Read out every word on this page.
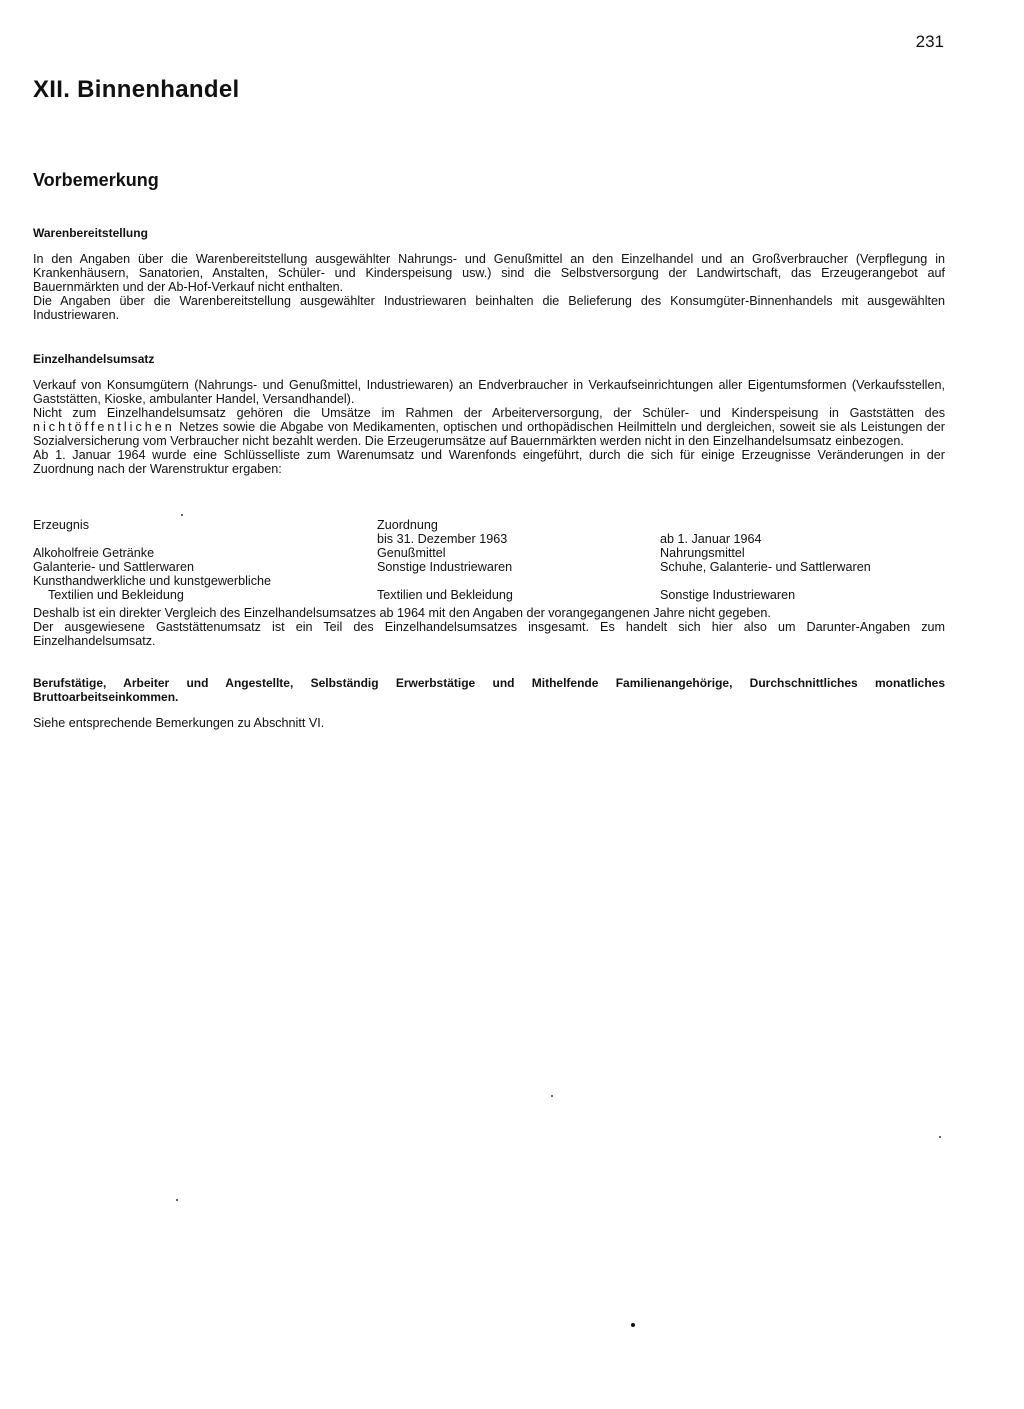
231
XII. Binnenhandel
Vorbemerkung
Warenbereitstellung

In den Angaben über die Warenbereitstellung ausgewählter Nahrungs- und Genußmittel an den Einzelhandel und an Großverbraucher (Verpflegung in Krankenhäusern, Sanatorien, Anstalten, Schüler- und Kinderspeisung usw.) sind die Selbstversorgung der Landwirtschaft, das Erzeugerangebot auf Bauernmärkten und der Ab-Hof-Verkauf nicht enthalten.

Die Angaben über die Warenbereitstellung ausgewählter Industriewaren beinhalten die Belieferung des Konsumgüter-Binnenhandels mit ausgewählten Industriewaren.

Einzelhandelsumsatz

Verkauf von Konsumgütern (Nahrungs- und Genußmittel, Industriewaren) an Endverbraucher in Verkaufseinrichtungen aller Eigentumsformen (Verkaufsstellen, Gaststätten, Kioske, ambulanter Handel, Versandhandel).

Nicht zum Einzelhandelsumsatz gehören die Umsätze im Rahmen der Arbeiterversorgung, der Schüler- und Kinderspeisung in Gaststätten des nichtöffentlichen Netzes sowie die Abgabe von Medikamenten, optischen und orthopädischen Heilmitteln und dergleichen, soweit sie als Leistungen der Sozialversicherung vom Verbraucher nicht bezahlt werden. Die Erzeugerumsätze auf Bauernmärkten werden nicht in den Einzelhandelsumsatz einbezogen.

Ab 1. Januar 1964 wurde eine Schlüsselliste zum Warenumsatz und Warenfonds eingeführt, durch die sich für einige Erzeugnisse Veränderungen in der Zuordnung nach der Warenstruktur ergaben:

Erzeugnis	Zuordnung	
	bis 31. Dezember 1963	ab 1. Januar 1964
Alkoholfreie Getränke	Genußmittel	Nahrungsmittel
Galanterie- und Sattlerwaren	Sonstige Industriewaren	Schuhe, Galanterie- und Sattlerwaren
Kunsthandwerkliche und kunstgewerbliche		
Textilien und Bekleidung	Textilien und Bekleidung	Sonstige Industriewaren

Deshalb ist ein direkter Vergleich des Einzelhandelsumsatzes ab 1964 mit den Angaben der vorangegangenen Jahre nicht gegeben.

Der ausgewiesene Gaststättenumsatz ist ein Teil des Einzelhandelsumsatzes insgesamt. Es handelt sich hier also um Darunter-Angaben zum Einzelhandelsumsatz.

Berufstätige, Arbeiter und Angestellte, Selbständig Erwerbstätige und Mithelfende Familienangehörige, Durchschnittliches monatliches Bruttoarbeitseinkommen.

Siehe entsprechende Bemerkungen zu Abschnitt VI.
